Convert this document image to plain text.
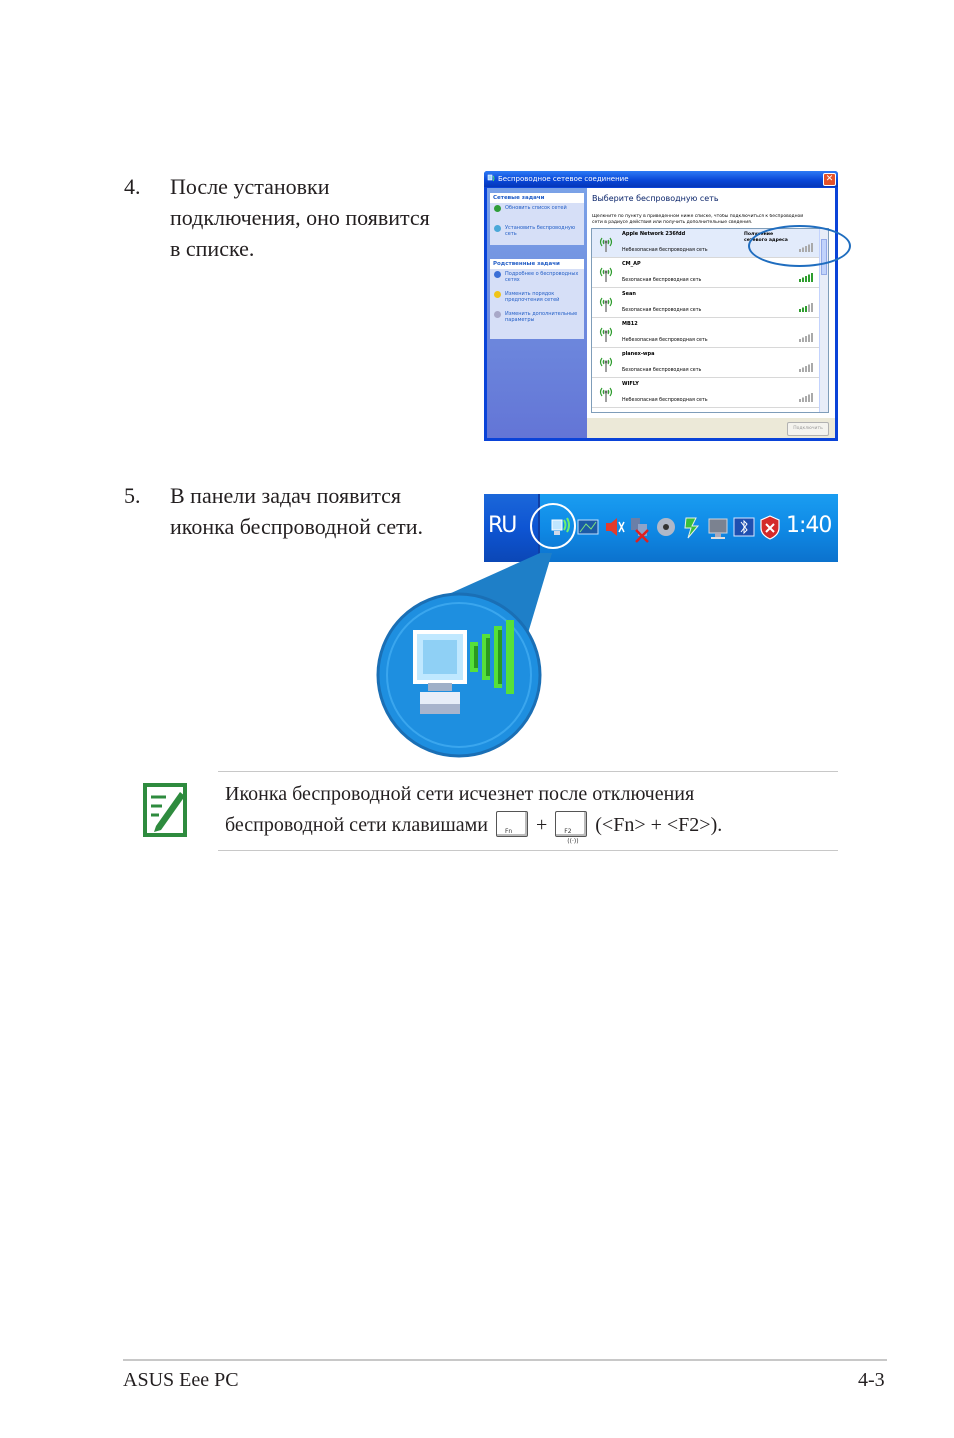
4. После установки
подключения, оно появится
в списке.
Беспроводное сетевое соединение	✕
Сетевые задачи
Обновить список сетей
Установить беспроводную сеть
Родственные задачи
Подробнее о беспроводных сетях
Изменить порядок предпочтения сетей
Изменить дополнительные параметры
Выберите беспроводную сеть
Щелкните по пункту в приведенном ниже списке, чтобы подключиться к беспроводной сети в радиусе действия или получить дополнительные сведения.
Apple Network 236fdd
Небезопасная беспроводная сеть
Получение
сетевого адреса
CM_AP
Безопасная беспроводная сеть
Sean
Безопасная беспроводная сеть
MB12
Небезопасная беспроводная сеть
planex-wpa
Безопасная беспроводная сеть
WIFLY
Небезопасная беспроводная сеть
Подключить
5. В панели задач появится
иконка беспроводной сети.	RU	1:40
Иконка беспроводной сети исчезнет после отключения
беспроводной сети клавишами	Fn +	F2
((·))
(<Fn> + <F2>).
ASUS Eee PC	4-3
